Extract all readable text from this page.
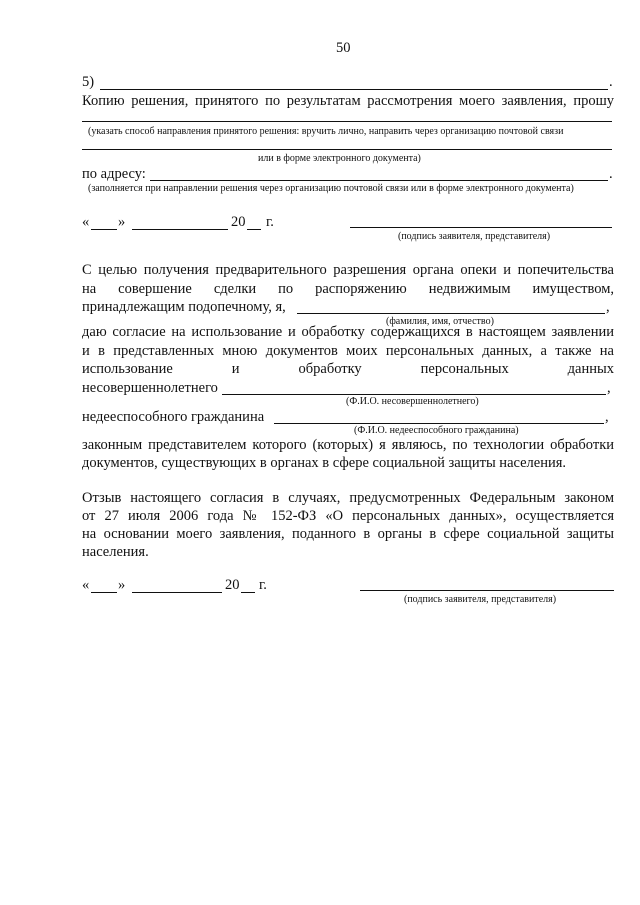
50
5)	.
Копию решения, принятого по результатам рассмотрения моего заявления, прошу
(указать способ направления принятого решения: вручить лично, направить через организацию почтовой связи
или в форме электронного документа)
по адресу:	.
(заполняется при направлении решения через организацию почтовой связи или в форме электронного документа)
« »	20 г.
(подпись заявителя, представителя)
С целью получения предварительного разрешения органа опеки и попечительства
на совершение сделки по распоряжению недвижимым имуществом,
принадлежащим подопечному, я,	,
(фамилия, имя, отчество)
даю согласие на использование и обработку содержащихся в настоящем заявлении
и в представленных мною документов моих персональных данных, а также на
использование и обработку персональных данных
несовершеннолетнего	,
(Ф.И.О. несовершеннолетнего)
недееспособного гражданина	,
(Ф.И.О. недееспособного гражданина)
законным представителем которого (которых) я являюсь, по технологии обработки
документов, существующих в органах в сфере социальной защиты населения.
Отзыв настоящего согласия в случаях, предусмотренных Федеральным законом
от 27 июля 2006 года № 152-ФЗ «О персональных данных», осуществляется
на основании моего заявления, поданного в органы в сфере социальной защиты
населения.
« »	20 г.
(подпись заявителя, представителя)
